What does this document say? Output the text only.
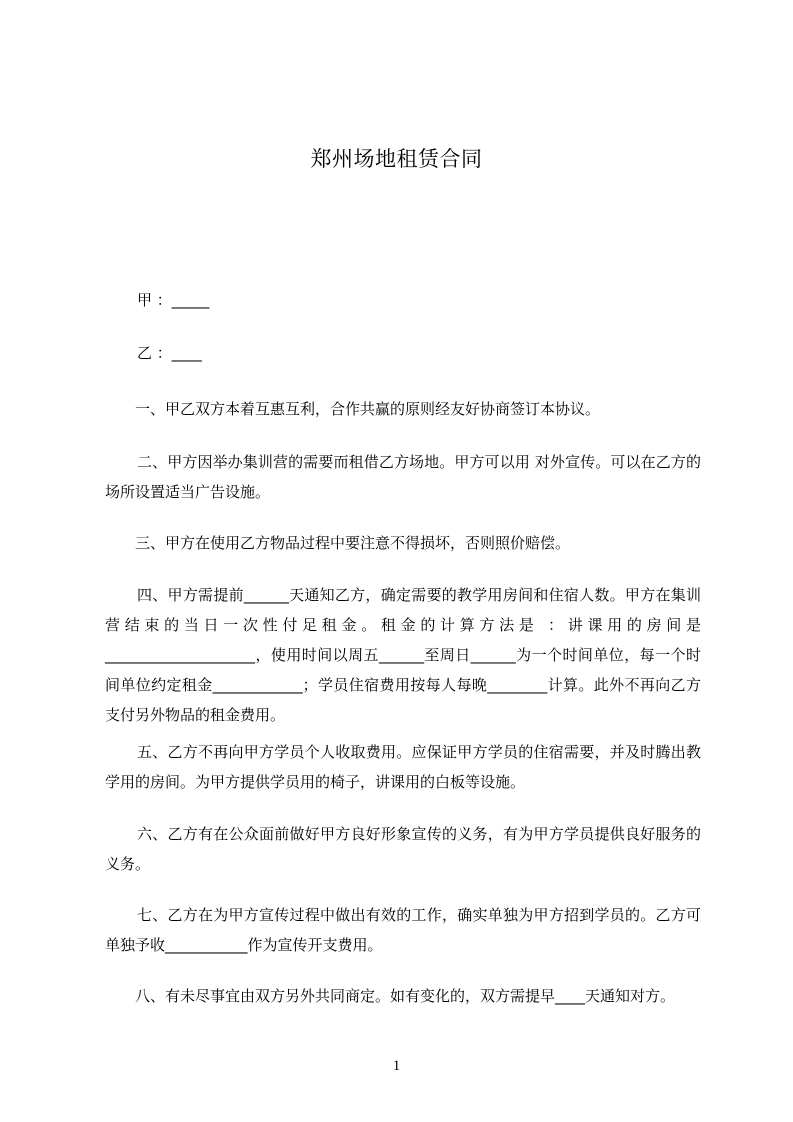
郑州场地租赁合同
甲 ：_____
乙 ：____
一、甲乙双方本着互惠互利，合作共赢的原则经友好协商签订本协议。
二、甲方因举办集训营的需要而租借乙方场地。甲方可以用 对外宣传。可以在乙方的场所设置适当广告设施。
三、甲方在使用乙方物品过程中要注意不得损坏，否则照价赔偿。
四、甲方需提前______天通知乙方，确定需要的教学用房间和住宿人数。甲方在集训营结束的当日一次性付足租金。租金的计算方法是 ：讲课用的房间是____________________，使用时间以周五______至周日______为一个时间单位，每一个时间单位约定租金____________；学员住宿费用按每人每晚________计算。此外不再向乙方支付另外物品的租金费用。
五、乙方不再向甲方学员个人收取费用。应保证甲方学员的住宿需要，并及时腾出教学用的房间。为甲方提供学员用的椅子，讲课用的白板等设施。
六、乙方有在公众面前做好甲方良好形象宣传的义务，有为甲方学员提供良好服务的义务。
七、乙方在为甲方宣传过程中做出有效的工作，确实单独为甲方招到学员的。乙方可单独予收___________作为宣传开支费用。
八、有未尽事宜由双方另外共同商定。如有变化的，双方需提早____天通知对方。
1
